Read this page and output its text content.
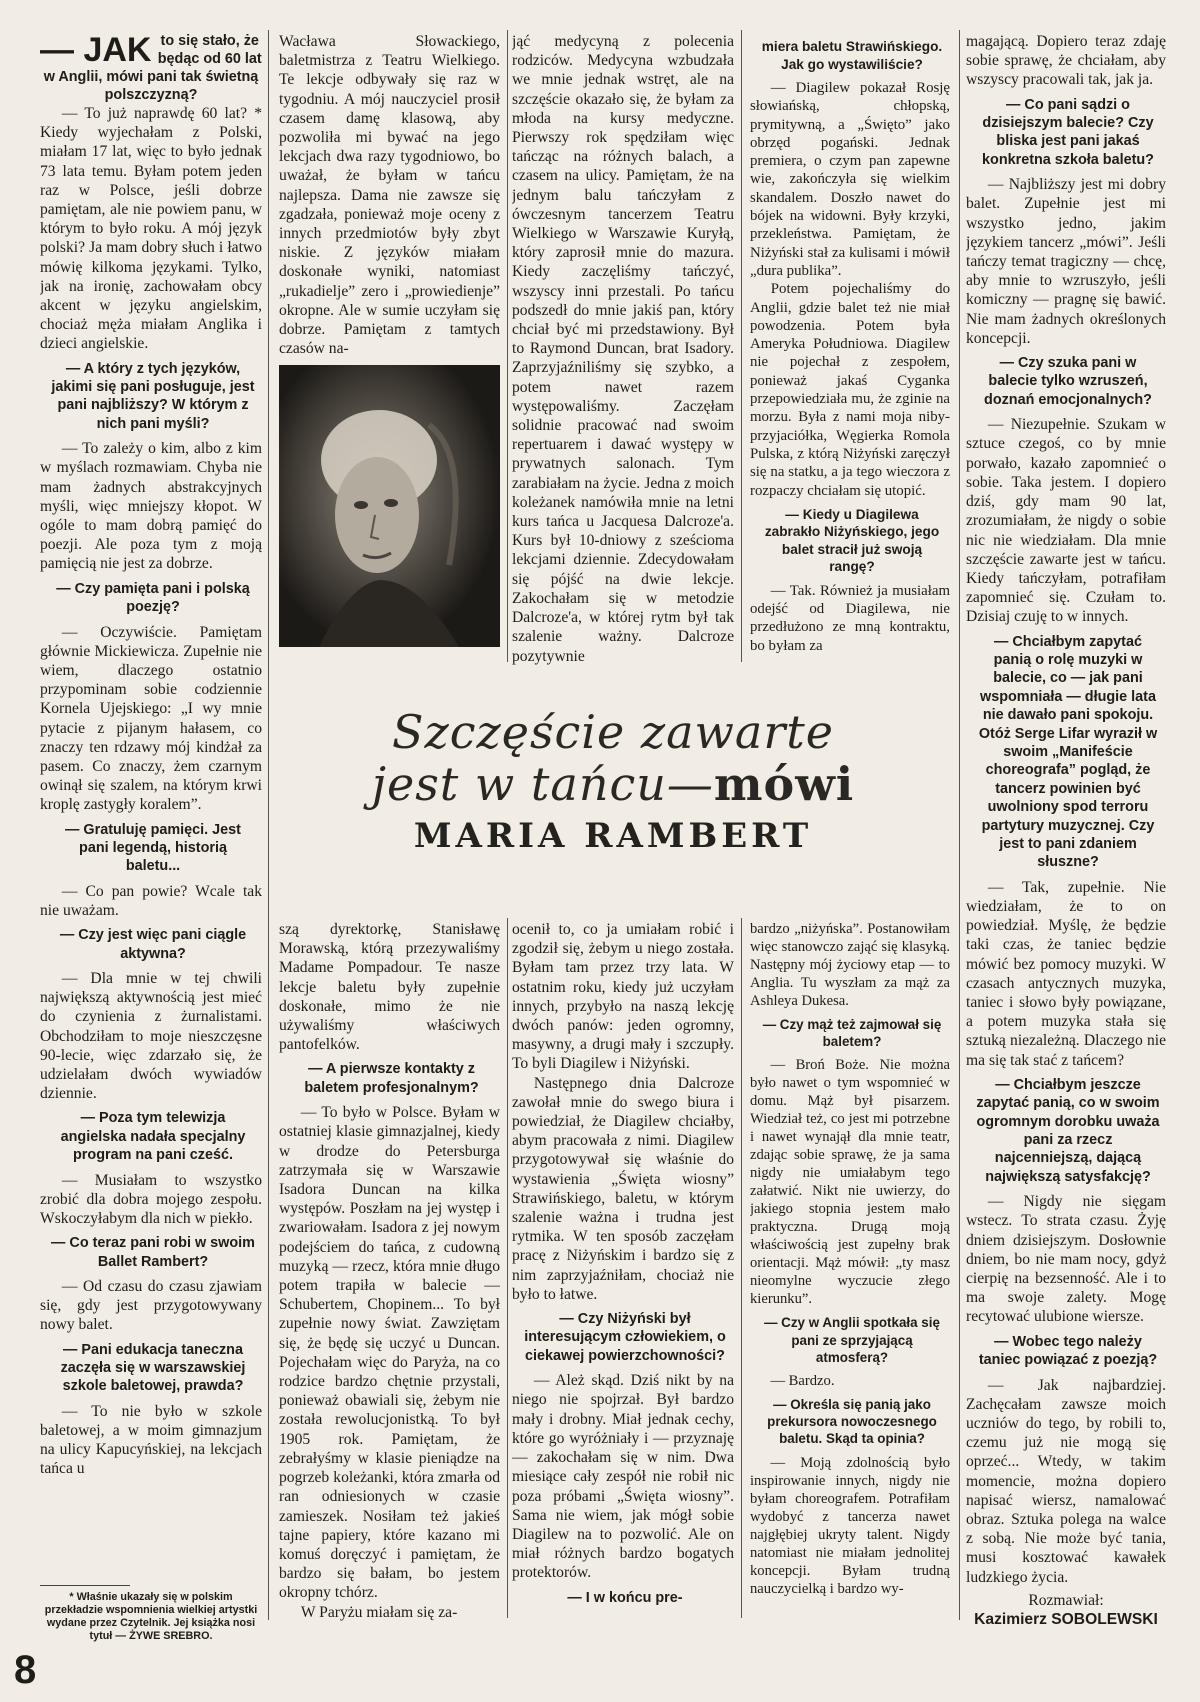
— JAK to się stało, że będąc od 60 lat w Anglii, mówi pani tak świetną polszczyzną?

— To już naprawdę 60 lat? * Kiedy wyjechałam z Polski, miałam 17 lat, więc to było jednak 73 lata temu. Byłam potem jeden raz w Polsce, jeśli dobrze pamiętam, ale nie powiem panu, w którym to było roku. A mój język polski? Ja mam dobry słuch i łatwo mówię kilkoma językami. Tylko, jak na ironię, zachowałam obcy akcent w języku angielskim, chociaż męża miałam Anglika i dzieci angielskie.

— A który z tych języków, jakimi się pani posługuje, jest pani najbliższy? W którym z nich pani myśli?

— To zależy o kim, albo z kim w myślach rozmawiam. Chyba nie mam żadnych abstrakcyjnych myśli, więc mniejszy kłopot. W ogóle to mam dobrą pamięć do poezji. Ale poza tym z moją pamięcią nie jest za dobrze.

— Czy pamięta pani i polską poezję?

— Oczywiście. Pamiętam głównie Mickiewicza. Zupełnie nie wiem, dlaczego ostatnio przypominam sobie codziennie Kornela Ujejskiego: „I wy mnie pytacie z pijanym hałasem, co znaczy ten rdzawy mój kindżał za pasem. Co znaczy, żem czarnym owinął się szalem, na którym krwi kroplę zastygły koralem”.

— Gratuluję pamięci. Jest pani legendą, historią baletu...

— Co pan powie? Wcale tak nie uważam.

— Czy jest więc pani ciągle aktywna?

— Dla mnie w tej chwili największą aktywnością jest mieć do czynienia z żurnalistami. Obchodziłam to moje nieszczęsne 90-lecie, więc zdarzało się, że udzielałam dwóch wywiadów dziennie.

— Poza tym telewizja angielska nadała specjalny program na pani cześć.

— Musiałam to wszystko zrobić dla dobra mojego zespołu. Wskoczyłabym dla nich w piekło.

— Co teraz pani robi w swoim Ballet Rambert?

— Od czasu do czasu zjawiam się, gdy jest przygotowywany nowy balet.

— Pani edukacja taneczna zaczęła się w warszawskiej szkole baletowej, prawda?

— To nie było w szkole baletowej, a w moim gimnazjum na ulicy Kapucyńskiej, na lekcjach tańca u

Wacława Słowackiego, baletmistrza z Teatru Wielkiego. Te lekcje odbywały się raz w tygodniu. A mój nauczyciel prosił czasem damę klasową, aby pozwoliła mi bywać na jego lekcjach dwa razy tygodniowo, bo uważał, że byłam w tańcu najlepsza. Dama nie zawsze się zgadzała, ponieważ moje oceny z innych przedmiotów były zbyt niskie. Z języków miałam doskonałe wyniki, natomiast „rukadielje” zero i „prowiedienje” okropne. Ale w sumie uczyłam się dobrze. Pamiętam z tamtych czasów na-

jąć medycyną z polecenia rodziców. Medycyna wzbudzała we mnie jednak wstręt, ale na szczęście okazało się, że byłam za młoda na kursy medyczne. Pierwszy rok spędziłam więc tańcząc na różnych balach, a czasem na ulicy. Pamiętam, że na jednym balu tańczyłam z ówczesnym tancerzem Teatru Wielkiego w Warszawie Kuryłą, który zaprosił mnie do mazura. Kiedy zaczęliśmy tańczyć, wszyscy inni przestali. Po tańcu podszedł do mnie jakiś pan, który chciał być mi przedstawiony. Był to Raymond Duncan, brat Isadory. Zaprzyjaźniliśmy się szybko, a potem nawet razem występowaliśmy. Zaczęłam solidnie pracować nad swoim repertuarem i dawać występy w prywatnych salonach. Tym zarabiałam na życie. Jedna z moich koleżanek namówiła mnie na letni kurs tańca u Jacquesa Dalcroze'a. Kurs był 10-dniowy z sześcioma lekcjami dziennie. Zdecydowałam się pójść na dwie lekcje. Zakochałam się w metodzie Dalcroze'a, w której rytm był tak szalenie ważny. Dalcroze pozytywnie

miera baletu Strawińskiego. Jak go wystawiliście?

— Diagilew pokazał Rosję słowiańską, chłopską, prymitywną, a „Święto” jako obrzęd pogański. Jednak premiera, o czym pan zapewne wie, zakończyła się wielkim skandalem. Doszło nawet do bójek na widowni. Były krzyki, przekleństwa. Pamiętam, że Niżyński stał za kulisami i mówił „dura publika”.

Potem pojechaliśmy do Anglii, gdzie balet też nie miał powodzenia. Potem była Ameryka Południowa. Diagilew nie pojechał z zespołem, ponieważ jakaś Cyganka przepowiedziała mu, że zginie na morzu. Była z nami moja niby-przyjaciółka, Węgierka Romola Pulska, z którą Niżyński zaręczył się na statku, a ja tego wieczora z rozpaczy chciałam się utopić.

— Kiedy u Diagilewa zabrakło Niżyńskiego, jego balet stracił już swoją rangę?

— Tak. Również ja musiałam odejść od Diagilewa, nie przedłużono ze mną kontraktu, bo byłam za

magającą. Dopiero teraz zdaję sobie sprawę, że chciałam, aby wszyscy pracowali tak, jak ja.

— Co pani sądzi o dzisiejszym balecie? Czy bliska jest pani jakaś konkretna szkoła baletu?

— Najbliższy jest mi dobry balet. Zupełnie jest mi wszystko jedno, jakim językiem tancerz „mówi”. Jeśli tańczy temat tragiczny — chcę, aby mnie to wzruszyło, jeśli komiczny — pragnę się bawić. Nie mam żadnych określonych koncepcji.

— Czy szuka pani w balecie tylko wzruszeń, doznań emocjonalnych?

— Niezupełnie. Szukam w sztuce czegoś, co by mnie porwało, kazało zapomnieć o sobie. Taka jestem. I dopiero dziś, gdy mam 90 lat, zrozumiałam, że nigdy o sobie nic nie wiedziałam. Dla mnie szczęście zawarte jest w tańcu. Kiedy tańczyłam, potrafiłam zapomnieć się. Czułam to. Dzisiaj czuję to w innych.

— Chciałbym zapytać panią o rolę muzyki w balecie, co — jak pani wspomniała — długie lata nie dawało pani spokoju. Otóż Serge Lifar wyraził w swoim „Manifeście choreografa” pogląd, że tancerz powinien być uwolniony spod terroru partytury muzycznej. Czy jest to pani zdaniem słuszne?

— Tak, zupełnie. Nie wiedziałam, że to on powiedział. Myślę, że będzie taki czas, że taniec będzie mówić bez pomocy muzyki. W czasach antycznych muzyka, taniec i słowo były powiązane, a potem muzyka stała się sztuką niezależną. Dlaczego nie ma się tak stać z tańcem?

— Chciałbym jeszcze zapytać panią, co w swoim ogromnym dorobku uważa pani za rzecz najcenniejszą, dającą największą satysfakcję?

— Nigdy nie sięgam wstecz. To strata czasu. Żyję dniem dzisiejszym. Dosłownie dniem, bo nie mam nocy, gdyż cierpię na bezsenność. Ale i to ma swoje zalety. Mogę recytować ulubione wiersze.

— Wobec tego należy taniec powiązać z poezją?

— Jak najbardziej. Zachęcałam zawsze moich uczniów do tego, by robili to, czemu już nie mogą się oprzeć... Wtedy, w takim momencie, można dopiero napisać wiersz, namalować obraz. Sztuka polega na walce z sobą. Nie może być tania, musi kosztować kawałek ludzkiego życia.

Rozmawiał:

Kazimierz SOBOLEWSKI

Szczęście zawarte
jest w tańcu—mówi
MARIA RAMBERT

szą dyrektorkę, Stanisławę Morawską, którą przezywaliśmy Madame Pompadour. Te nasze lekcje baletu były zupełnie doskonałe, mimo że nie używaliśmy właściwych pantofelków.

— A pierwsze kontakty z baletem profesjonalnym?

— To było w Polsce. Byłam w ostatniej klasie gimnazjalnej, kiedy w drodze do Petersburga zatrzymała się w Warszawie Isadora Duncan na kilka występów. Poszłam na jej występ i zwariowałam. Isadora z jej nowym podejściem do tańca, z cudowną muzyką — rzecz, która mnie długo potem trapiła w balecie — Schubertem, Chopinem... To był zupełnie nowy świat. Zawziętam się, że będę się uczyć u Duncan. Pojechałam więc do Paryża, na co rodzice bardzo chętnie przystali, ponieważ obawiali się, żebym nie została rewolucjonistką. To był 1905 rok. Pamiętam, że zebrałyśmy w klasie pieniądze na pogrzeb koleżanki, która zmarła od ran odniesionych w czasie zamieszek. Nosiłam też jakieś tajne papiery, które kazano mi komuś doręczyć i pamiętam, że bardzo się bałam, bo jestem okropny tchórz.

W Paryżu miałam się za-

ocenił to, co ja umiałam robić i zgodził się, żebym u niego została. Byłam tam przez trzy lata. W ostatnim roku, kiedy już uczyłam innych, przybyło na naszą lekcję dwóch panów: jeden ogromny, masywny, a drugi mały i szczupły. To byli Diagilew i Niżyński.

Następnego dnia Dalcroze zawołał mnie do swego biura i powiedział, że Diagilew chciałby, abym pracowała z nimi. Diagilew przygotowywał się właśnie do wystawienia „Święta wiosny” Strawińskiego, baletu, w którym szalenie ważna i trudna jest rytmika. W ten sposób zaczęłam pracę z Niżyńskim i bardzo się z nim zaprzyjaźniłam, chociaż nie było to łatwe.

— Czy Niżyński był interesującym człowiekiem, o ciekawej powierzchowności?

— Ależ skąd. Dziś nikt by na niego nie spojrzał. Był bardzo mały i drobny. Miał jednak cechy, które go wyróżniały i — przyznaję — zakochałam się w nim. Dwa miesiące cały zespół nie robił nic poza próbami „Święta wiosny”. Sama nie wiem, jak mógł sobie Diagilew na to pozwolić. Ale on miał różnych bardzo bogatych protektorów.

— I w końcu pre-

bardzo „niżyńska”. Postanowiłam więc stanowczo zająć się klasyką. Następny mój życiowy etap — to Anglia. Tu wyszłam za mąż za Ashleya Dukesa.

— Czy mąż też zajmował się baletem?

— Broń Boże. Nie można było nawet o tym wspomnieć w domu. Mąż był pisarzem. Wiedział też, co jest mi potrzebne i nawet wynajął dla mnie teatr, zdając sobie sprawę, że ja sama nigdy nie umiałabym tego załatwić. Nikt nie uwierzy, do jakiego stopnia jestem mało praktyczna. Drugą moją właściwością jest zupełny brak orientacji. Mąż mówił: „ty masz nieomylne wyczucie złego kierunku”.

— Czy w Anglii spotkała się pani ze sprzyjającą atmosferą?

— Bardzo.

— Określa się panią jako prekursora nowoczesnego baletu. Skąd ta opinia?

— Moją zdolnością było inspirowanie innych, nigdy nie byłam choreografem. Potrafiłam wydobyć z tancerza nawet najgłębiej ukryty talent. Nigdy natomiast nie miałam jednolitej koncepcji. Byłam trudną nauczycielką i bardzo wy-

* Właśnie ukazały się w polskim przekładzie wspomnienia wielkiej artystki wydane przez Czytelnik. Jej książka nosi tytuł — ŻYWE SREBRO.
8
